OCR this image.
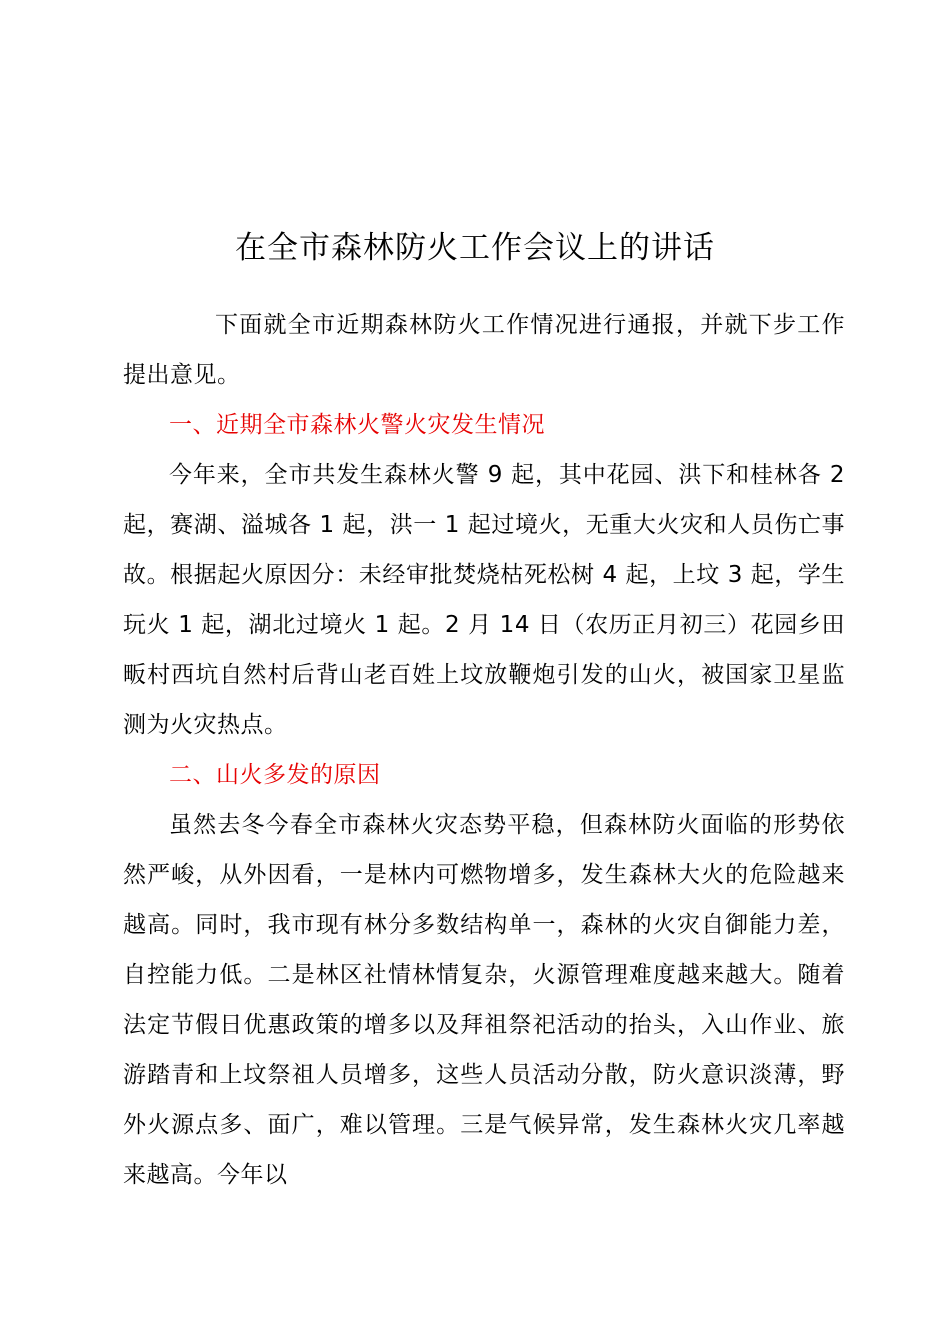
在全市森林防火工作会议上的讲话

下面就全市近期森林防火工作情况进行通报，并就下步工作提出意见。

一、近期全市森林火警火灾发生情况

今年来，全市共发生森林火警 9 起，其中花园、洪下和桂林各 2 起，赛湖、溢城各 1 起，洪一 1 起过境火，无重大火灾和人员伤亡事故。根据起火原因分：未经审批焚烧枯死松树 4 起，上坟 3 起，学生玩火 1 起，湖北过境火 1 起。2 月 14 日（农历正月初三）花园乡田畈村西坑自然村后背山老百姓上坟放鞭炮引发的山火，被国家卫星监测为火灾热点。

二、山火多发的原因

虽然去冬今春全市森林火灾态势平稳，但森林防火面临的形势依然严峻，从外因看，一是林内可燃物增多，发生森林大火的危险越来越高。同时，我市现有林分多数结构单一，森林的火灾自御能力差，自控能力低。二是林区社情林情复杂，火源管理难度越来越大。随着法定节假日优惠政策的增多以及拜祖祭祀活动的抬头，入山作业、旅游踏青和上坟祭祖人员增多，这些人员活动分散，防火意识淡薄，野外火源点多、面广，难以管理。三是气候异常，发生森林火灾几率越来越高。今年以
